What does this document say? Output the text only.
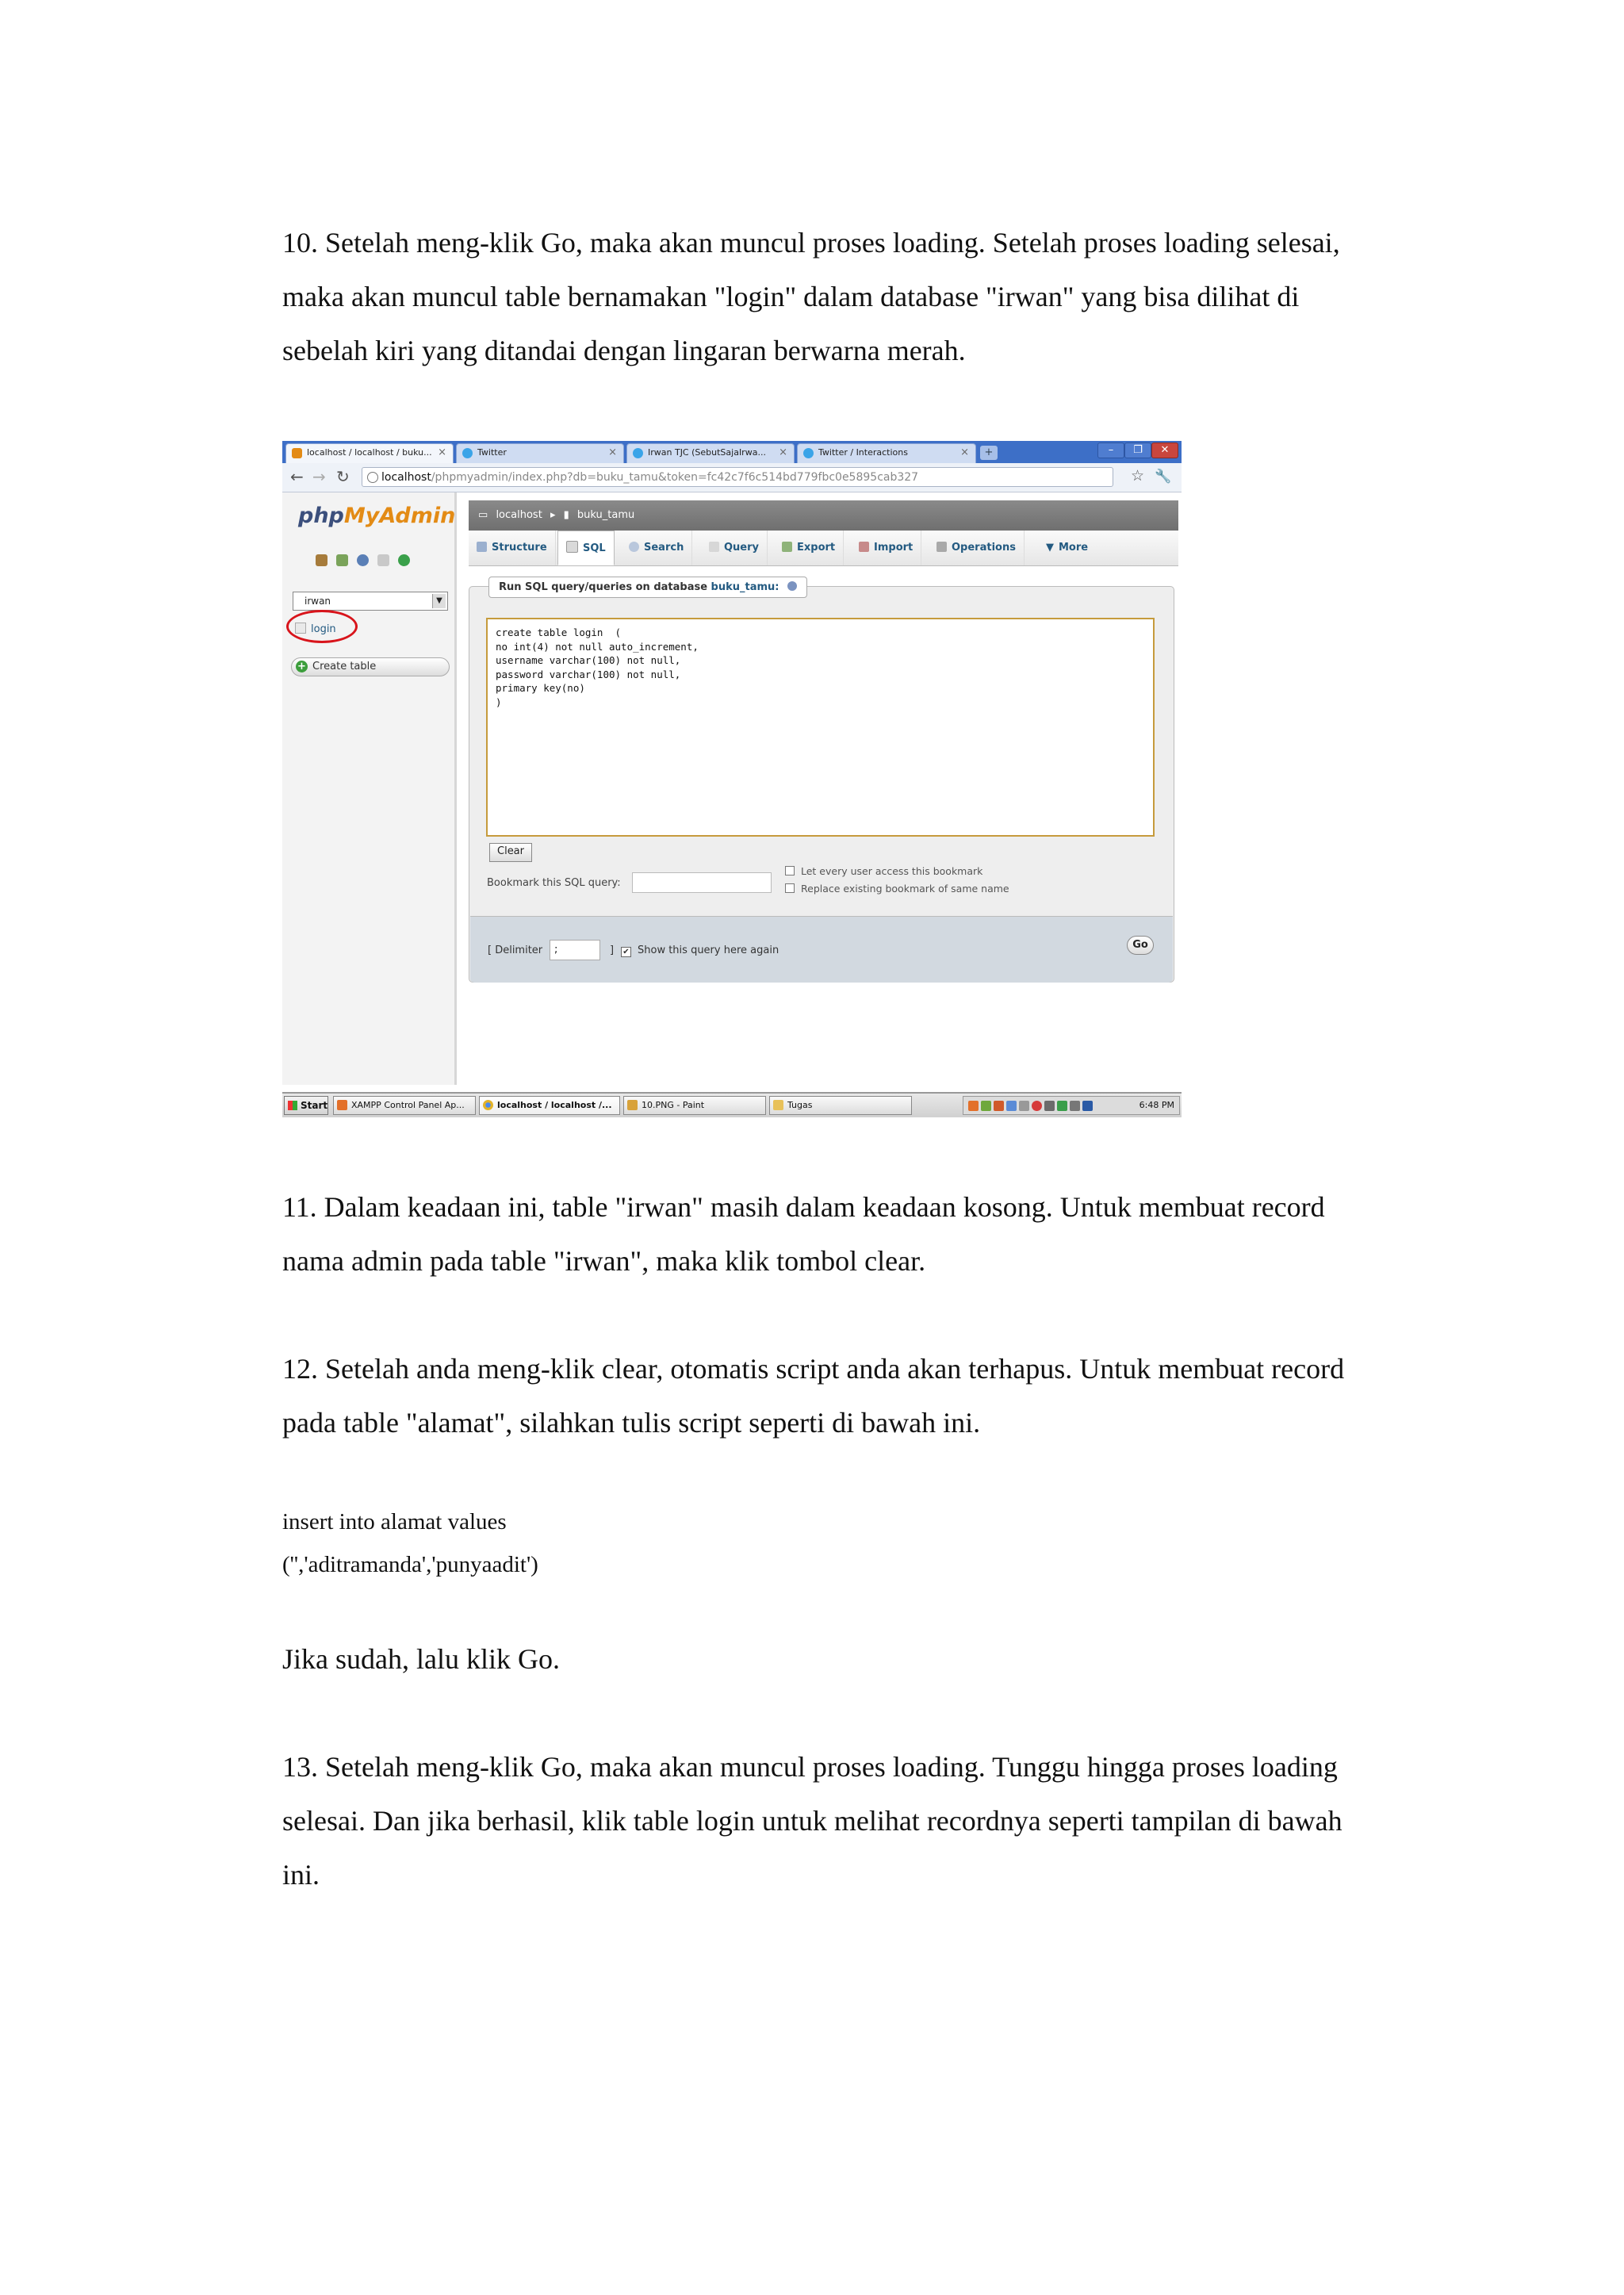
10. Setelah meng-klik Go, maka akan muncul proses loading. Setelah proses loading selesai, maka akan muncul table bernamakan "login" dalam database "irwan" yang bisa dilihat di sebelah kiri yang ditandai dengan lingaran berwarna merah.

localhost / localhost / buku... ×	Twitter	×	Irwan TJC (SebutSajaIrwa... ×	Twitter / Interactions	×	+	–	❐	✕
← → ↻	localhost/phpmyadmin/index.php?db=buku_tamu&token=fc42c7f6c514bd779fbc0e5895cab327	☆ 🔧
phpMyAdmin
irwan	▼
login
+ Create table
▭ localhost ▸ ▮ buku_tamu
Structure	SQL	Search	Query	Export	Import	Operations	▼ More
Run SQL query/queries on database buku_tamu:
create table login  (
no int(4) not null auto_increment,
username varchar(100) not null,
password varchar(100) not null,
primary key(no)
)
Clear
Bookmark this SQL query:
Let every user access this bookmark
Replace existing bookmark of same name
[ Delimiter	;	] ✔ Show this query here again	Go
Start	XAMPP Control Panel Ap...	localhost / localhost /...	10.PNG - Paint	Tugas	6:48 PM

11. Dalam keadaan ini, table "irwan" masih dalam keadaan kosong. Untuk membuat record nama admin pada table "irwan", maka klik tombol clear.

12. Setelah anda meng-klik clear, otomatis script anda akan terhapus. Untuk membuat record pada table "alamat", silahkan tulis script seperti di bawah ini.

insert into alamat values

('','aditramanda','punyaadit')

Jika sudah, lalu klik Go.

13. Setelah meng-klik Go, maka akan muncul proses loading. Tunggu hingga proses loading selesai. Dan jika berhasil, klik table login untuk melihat recordnya seperti tampilan di bawah ini.
